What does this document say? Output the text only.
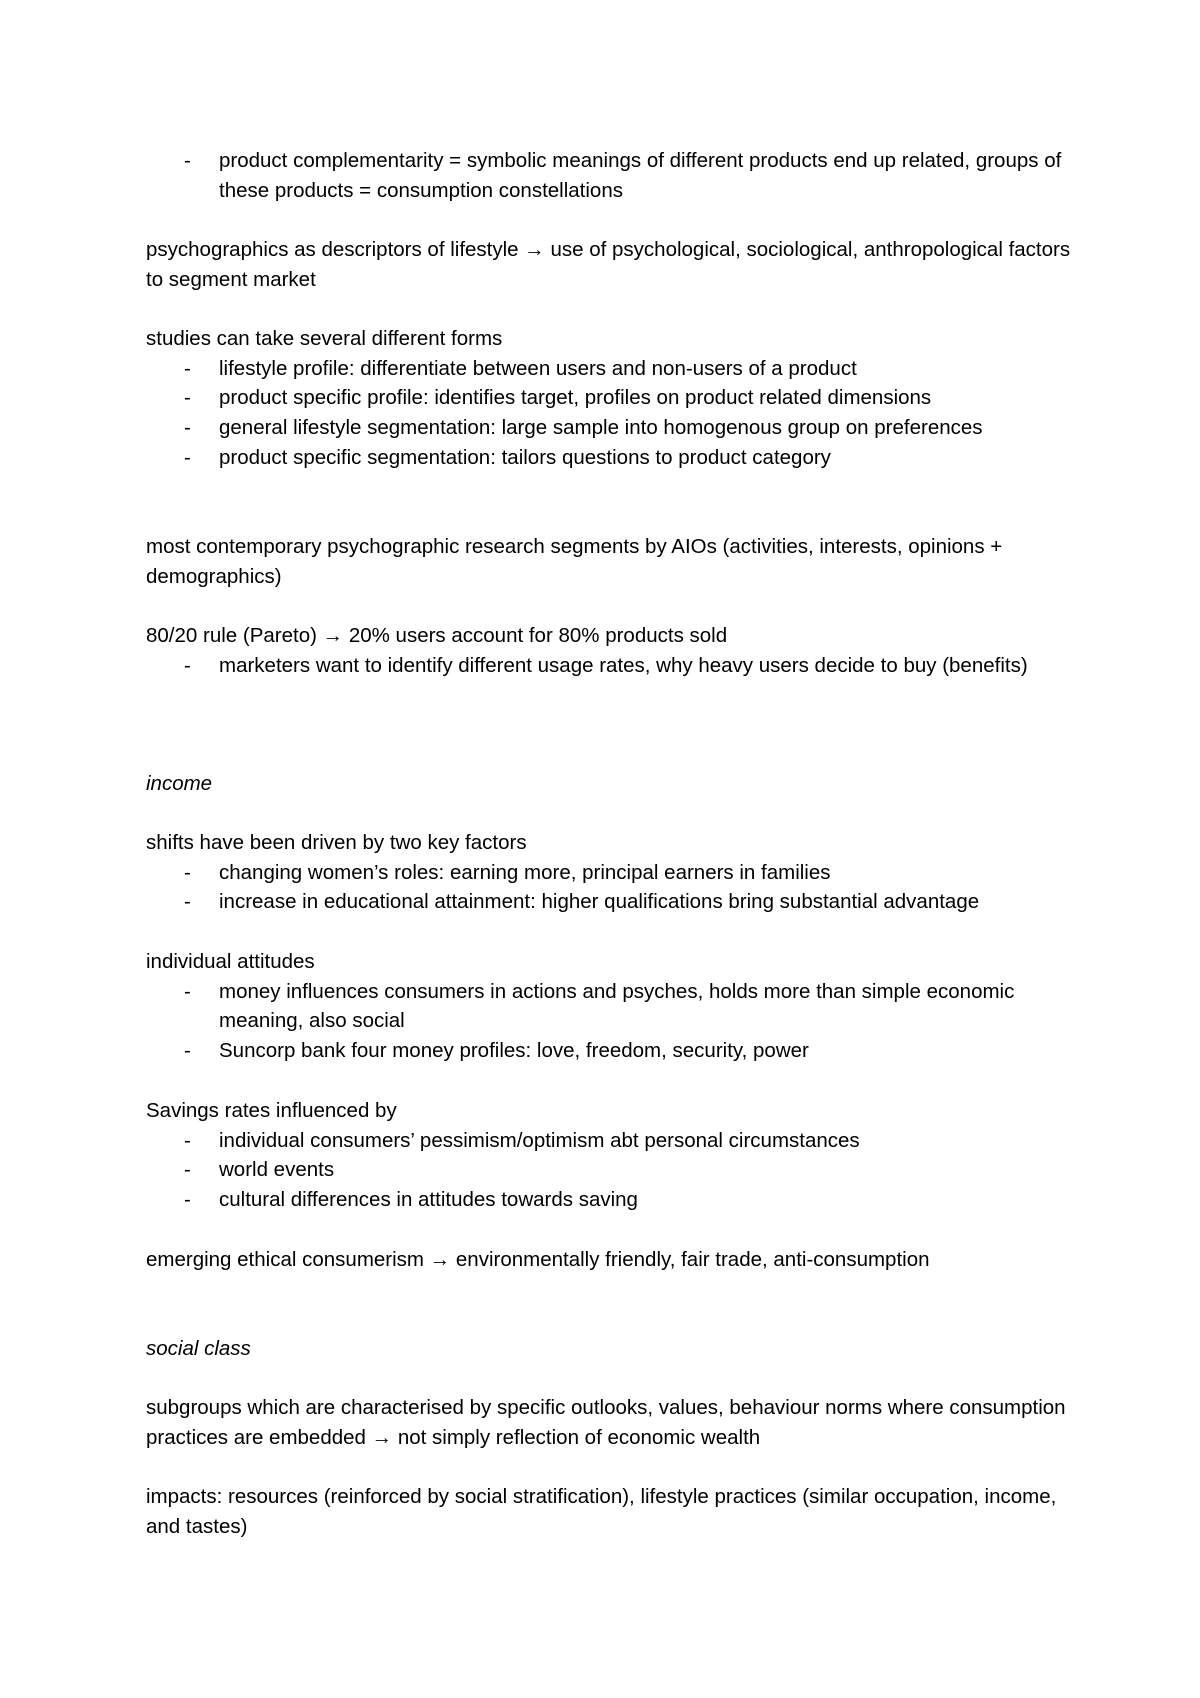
- product complementarity = symbolic meanings of different products end up related, groups of these products = consumption constellations

psychographics as descriptors of lifestyle → use of psychological, sociological, anthropological factors to segment market

studies can take several different forms

- lifestyle profile: differentiate between users and non-users of a product
- product specific profile: identifies target, profiles on product related dimensions
- general lifestyle segmentation: large sample into homogenous group on preferences
- product specific segmentation: tailors questions to product category

most contemporary psychographic research segments by AIOs (activities, interests, opinions + demographics)

80/20 rule (Pareto) → 20% users account for 80% products sold

- marketers want to identify different usage rates, why heavy users decide to buy (benefits)

income

shifts have been driven by two key factors

- changing women’s roles: earning more, principal earners in families
- increase in educational attainment: higher qualifications bring substantial advantage

individual attitudes

- money influences consumers in actions and psyches, holds more than simple economic meaning, also social
- Suncorp bank four money profiles: love, freedom, security, power

Savings rates influenced by

- individual consumers’ pessimism/optimism abt personal circumstances
- world events
- cultural differences in attitudes towards saving

emerging ethical consumerism → environmentally friendly, fair trade, anti-consumption

social class

subgroups which are characterised by specific outlooks, values, behaviour norms where consumption practices are embedded → not simply reflection of economic wealth

impacts: resources (reinforced by social stratification), lifestyle practices (similar occupation, income, and tastes)
